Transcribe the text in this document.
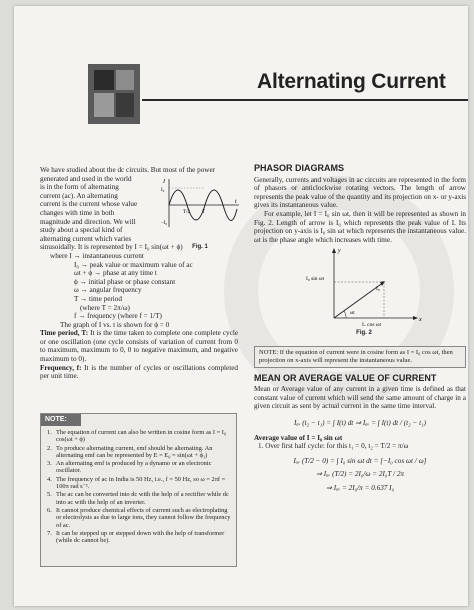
Alternating Current

We have studied about the dc circuits. But most of the power

generated and used in the world

is in the form of alternating

current (ac). An alternating

current is the current whose value

changes with time in both

magnitude and direction. We will

study about a special kind of

alternating current which varies

I
I₀
−I₀
t
T/2 T
Fig. 1

sinusoidally. It is represented by I = I₀ sin(ωt + ϕ)

where I → instantaneous current

I₀ → peak value or maximum value of ac

ωt + ϕ → phase at any time t

ϕ → initial phase or phase constant

ω → angular frequency

T → time period

(where T = 2π/ω)

f → frequency (where f = 1/T)

The graph of I vs. t is shown for ϕ = 0

Time period, T: It is the time taken to complete one complete cycle or one oscillation (one cycle consists of variation of current from 0 to maximum, maximum to 0, 0 to negative maximum, and negative maximum to 0).

Frequency, f: It is the number of cycles or oscillations completed per unit time.

NOTE:
1. The equation of current can also be written in cosine form as I = I₀ cos(ωt + ϕ)
2. To produce alternating current, emf should be alternating. An alternating emf can be represented by E = E₀ = sin(ωt + ϕ₁)
3. An alternating emf is produced by a dynamo or an electronic oscillator.
4. The frequency of ac in India is 50 Hz, i.e., f = 50 Hz, so ω = 2πf = 100π rad s⁻¹.
5. The ac can be converted into dc with the help of a rectifier while dc into ac with the help of an inverter.
6. It cannot produce chemical effects of current such as electroplating or electrolysis as due to large ions, they cannot follow the frequency of ac.
7. It can be stepped up or stepped down with the help of transformer (while dc cannot be).
PHASOR DIAGRAMS

Generally, currents and voltages in ac circuits are represented in the form of phasors or anticlockwise rotating vectors. The length of arrow represents the peak value of the quantity and its projection on x- or y-axis gives its instantaneous value.

For example, let I = I₀ sin ωt, then it will be represented as shown in Fig. 2. Length of arrow is I₀ which represents the peak value of I. Its projection on y-axis is I₀ sin ωt which represents the instantaneous value. ωt is the phase angle which increases with time.

y
x
I₀ sin ωt
I₀ cos ωt
I₀
ωt
Fig. 2
NOTE: If the equation of current were in cosine form as I = I₀ cos ωt, then projection on x-axis will represent the instantaneous value.
MEAN OR AVERAGE VALUE OF CURRENT

Mean or Average value of any current in a given time is defined as that constant value of current which will send the same amount of charge in a given circuit as sent by actual current in the same time interval.

Iₐᵥ (t₂ − t₁) = ∫ I(t) dt ⇒ Iₐᵥ = ∫ I(t) dt / (t₂ − t₁)

Average value of I = I₀ sin ωt

1. Over first half cycle: for this t₁ = 0, t₂ = T/2 = π/ω

Iₐᵥ (T/2 − 0) = ∫ I₀ sin ωt dt = [−I₀ cos ωt / ω]

⇒ Iₐᵥ (T/2) = 2I₀/ω = 2I₀T / 2π

⇒ Iₐᵥ = 2I₀/π = 0.637 I₀
